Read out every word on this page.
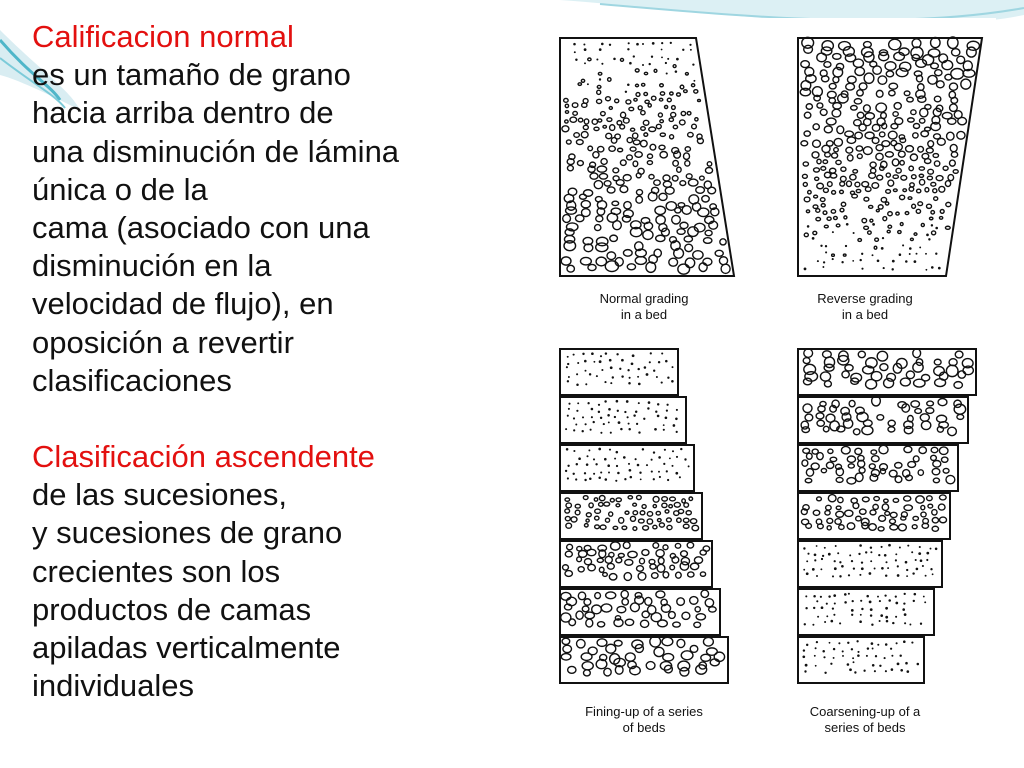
Calificacion normal

es un tamaño de grano

hacia arriba dentro de

una disminución de lámina

única o de la

cama (asociado con una

disminución en la

velocidad de flujo), en

oposición a revertir

clasificaciones

Clasificación ascendente

de las sucesiones,

y sucesiones de grano

crecientes son los

productos de camas

apiladas verticalmente

individuales

Normal grading
in a bed
Reverse grading
in a bed
Fining-up of a series
of beds
Coarsening-up of a
series of beds
